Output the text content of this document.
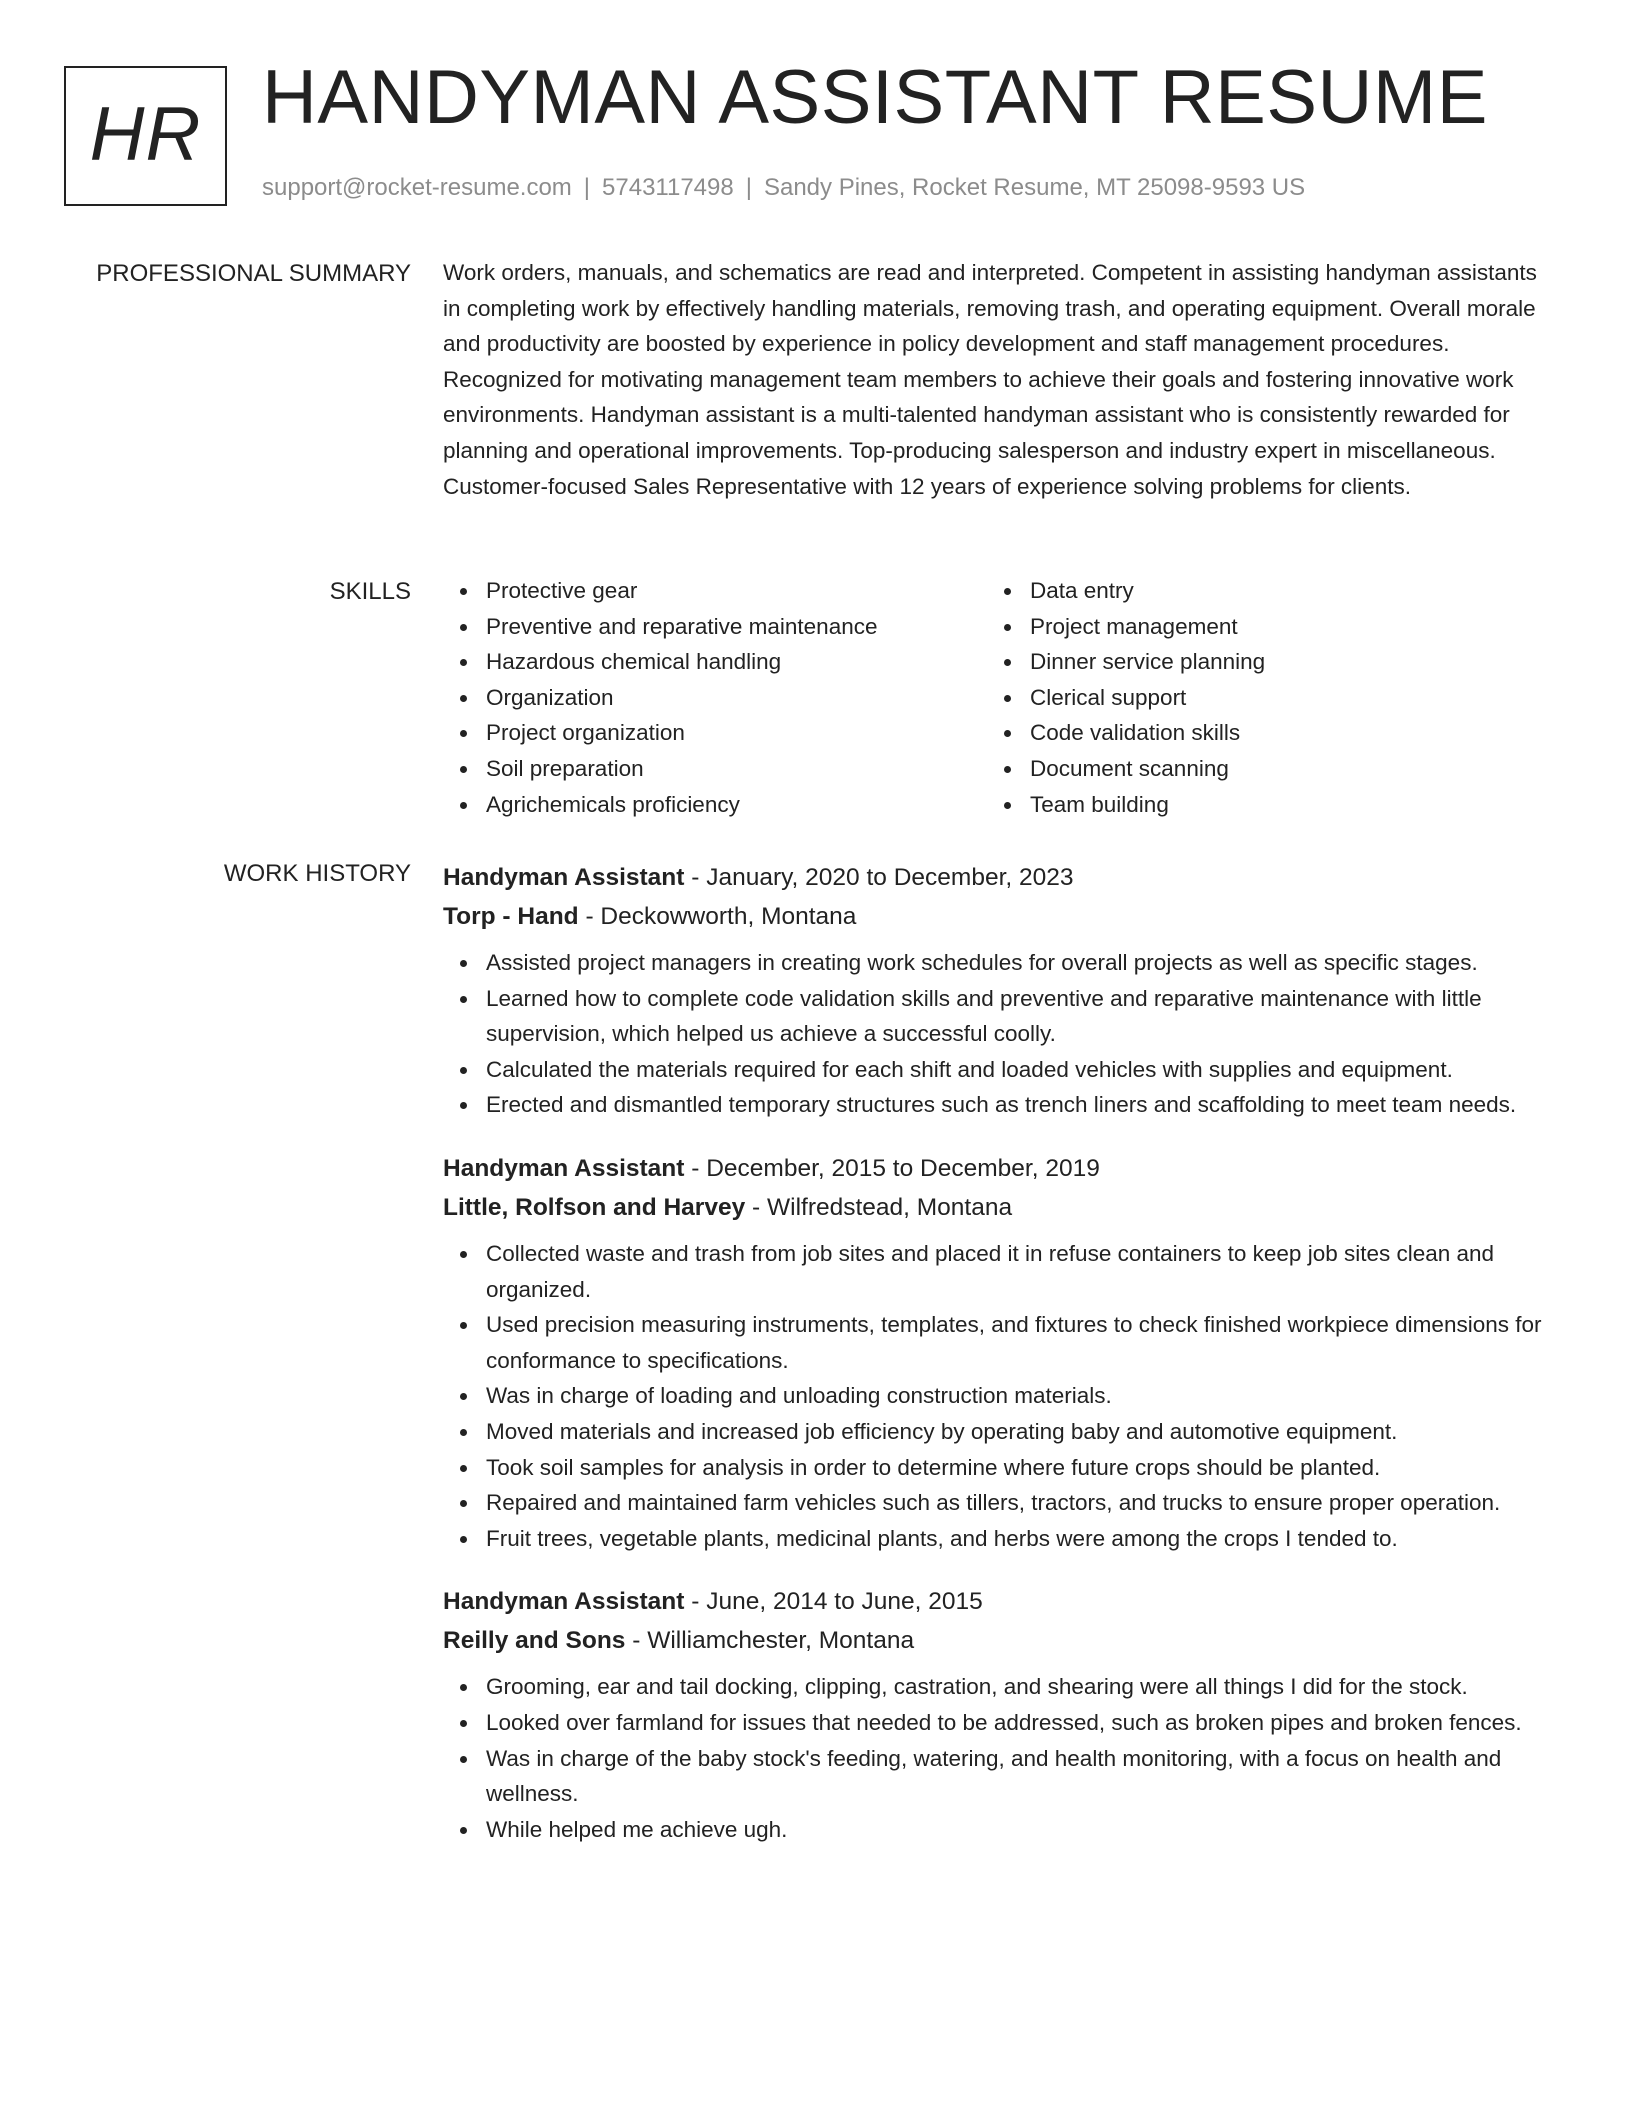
HR HANDYMAN ASSISTANT RESUME
support@rocket-resume.com | 5743117498 | Sandy Pines, Rocket Resume, MT 25098-9593 US
PROFESSIONAL SUMMARY Work orders, manuals, and schematics are read and interpreted. Competent in assisting handyman assistants in completing work by effectively handling materials, removing trash, and operating equipment. Overall morale and productivity are boosted by experience in policy development and staff management procedures. Recognized for motivating management team members to achieve their goals and fostering innovative work environments. Handyman assistant is a multi-talented handyman assistant who is consistently rewarded for planning and operational improvements. Top-producing salesperson and industry expert in miscellaneous. Customer-focused Sales Representative with 12 years of experience solving problems for clients.

SKILLS	Protective gear
Preventive and reparative maintenance
Hazardous chemical handling
Organization
Project organization
Soil preparation
Agrichemicals proficiency
Data entry
Project management
Dinner service planning
Clerical support
Code validation skills
Document scanning
Team building
WORK HISTORY Handyman Assistant - January, 2020 to December, 2023
Torp - Hand - Deckowworth, Montana
Assisted project managers in creating work schedules for overall projects as well as specific stages.
Learned how to complete code validation skills and preventive and reparative maintenance with little supervision, which helped us achieve a successful coolly.
Calculated the materials required for each shift and loaded vehicles with supplies and equipment.
Erected and dismantled temporary structures such as trench liners and scaffolding to meet team needs.
Handyman Assistant - December, 2015 to December, 2019
Little, Rolfson and Harvey - Wilfredstead, Montana
Collected waste and trash from job sites and placed it in refuse containers to keep job sites clean and organized.
Used precision measuring instruments, templates, and fixtures to check finished workpiece dimensions for conformance to specifications.
Was in charge of loading and unloading construction materials.
Moved materials and increased job efficiency by operating baby and automotive equipment.
Took soil samples for analysis in order to determine where future crops should be planted.
Repaired and maintained farm vehicles such as tillers, tractors, and trucks to ensure proper operation.
Fruit trees, vegetable plants, medicinal plants, and herbs were among the crops I tended to.
Handyman Assistant - June, 2014 to June, 2015
Reilly and Sons - Williamchester, Montana
Grooming, ear and tail docking, clipping, castration, and shearing were all things I did for the stock.
Looked over farmland for issues that needed to be addressed, such as broken pipes and broken fences.
Was in charge of the baby stock's feeding, watering, and health monitoring, with a focus on health and wellness.
While helped me achieve ugh.
